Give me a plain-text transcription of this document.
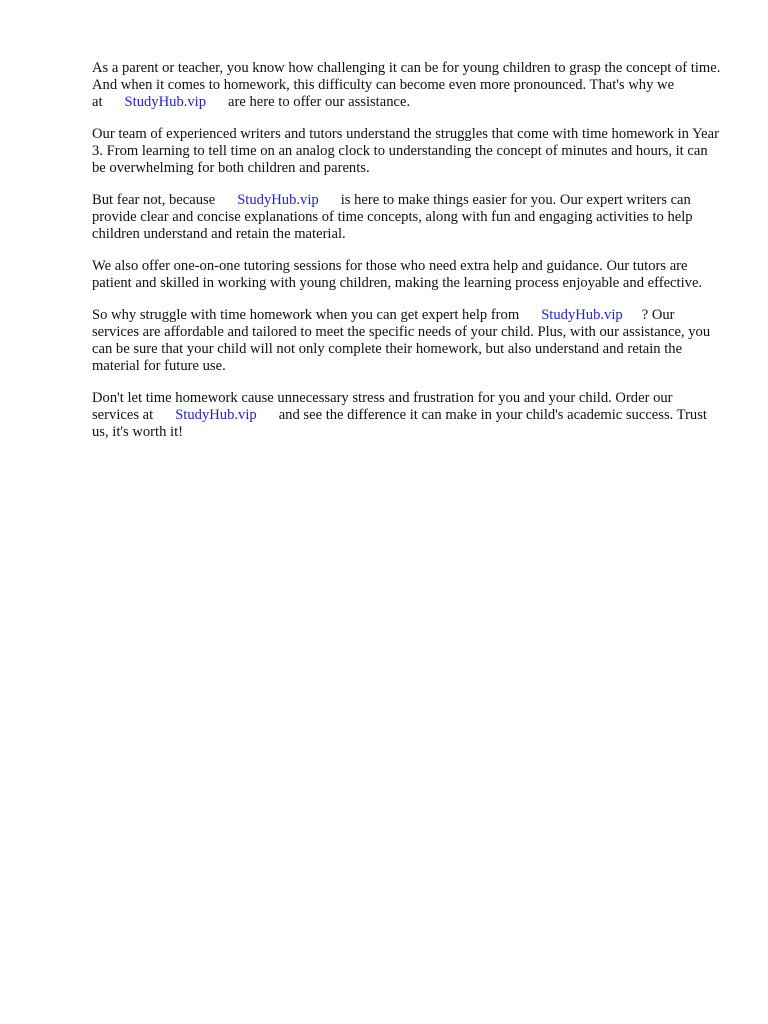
As a parent or teacher, you know how challenging it can be for young children to grasp the concept of time. And when it comes to homework, this difficulty can become even more pronounced. That's why we at StudyHub.vip are here to offer our assistance.

Our team of experienced writers and tutors understand the struggles that come with time homework in Year 3. From learning to tell time on an analog clock to understanding the concept of minutes and hours, it can be overwhelming for both children and parents.

But fear not, because StudyHub.vip is here to make things easier for you. Our expert writers can provide clear and concise explanations of time concepts, along with fun and engaging activities to help children understand and retain the material.

We also offer one-on-one tutoring sessions for those who need extra help and guidance. Our tutors are patient and skilled in working with young children, making the learning process enjoyable and effective.

So why struggle with time homework when you can get expert help from StudyHub.vip ? Our services are affordable and tailored to meet the specific needs of your child. Plus, with our assistance, you can be sure that your child will not only complete their homework, but also understand and retain the material for future use.

Don't let time homework cause unnecessary stress and frustration for you and your child. Order our services at StudyHub.vip and see the difference it can make in your child's academic success. Trust us, it's worth it!
